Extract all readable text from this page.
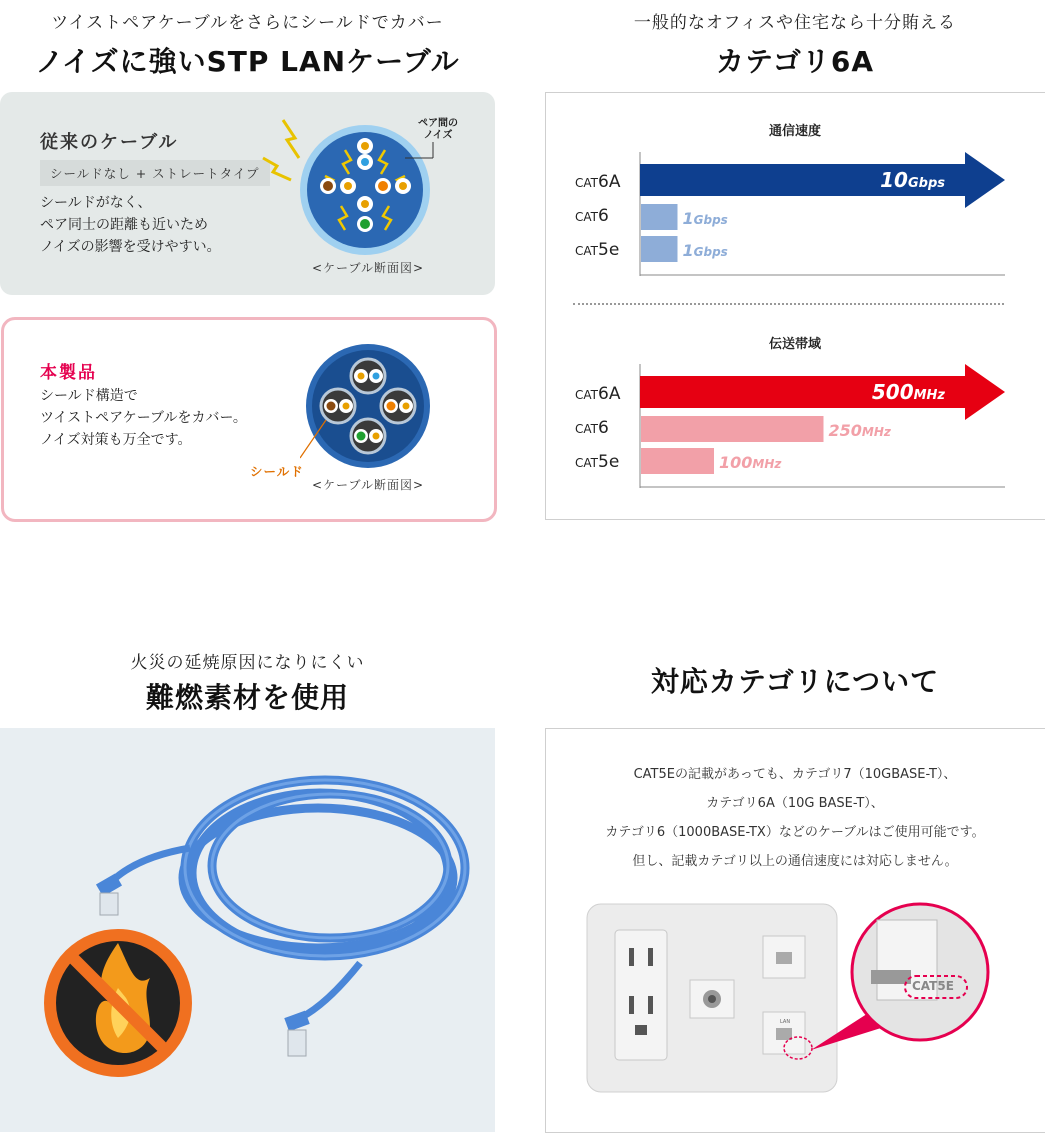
ツイストペアケーブルをさらにシールドでカバー
ノイズに強いSTP LANケーブル
従来のケーブル
シールドなし + ストレートタイプ
シールドがなく、
ペア同士の距離も近いため
ノイズの影響を受けやすい。
ペア間の
ノイズ
<ケーブル断面図>
本製品
シールド構造で
ツイストペアケーブルをカバー。
ノイズ対策も万全です。
シールド
<ケーブル断面図>
一般的なオフィスや住宅なら十分賄える
カテゴリ6A
通信速度
CAT6A
CAT6
CAT5e
10Gbps
1Gbps
1Gbps
伝送帯域
CAT6A
CAT6
CAT5e
500MHz
250MHz
100MHz
火災の延焼原因になりにくい
難燃素材を使用	対応カテゴリについて
CAT5Eの記載があっても、カテゴリ7（10GBASE-T）、
カテゴリ6A（10G BASE-T）、
カテゴリ6（1000BASE-TX）などのケーブルはご使用可能です。
但し、記載カテゴリ以上の通信速度には対応しません。
LAN
CAT5E
